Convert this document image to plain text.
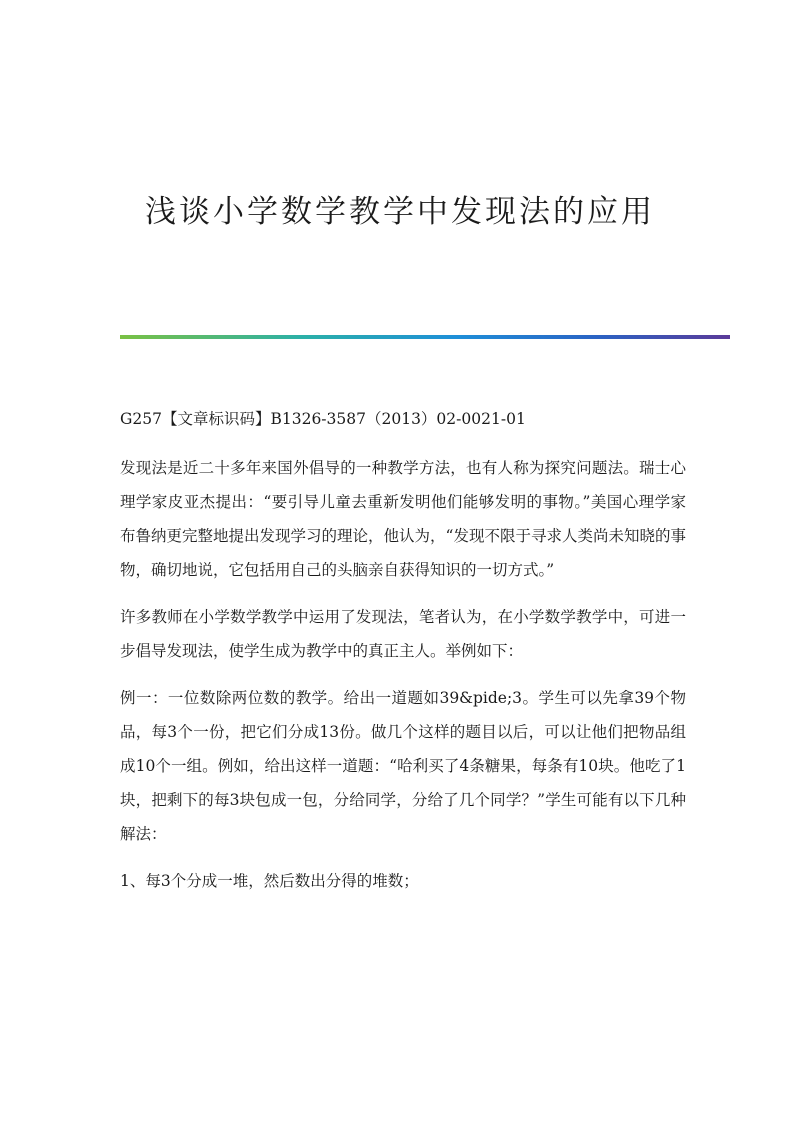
浅谈小学数学教学中发现法的应用

G257【文章标识码】B1326-3587（2013）02-0021-01

发现法是近二十多年来国外倡导的一种教学方法，也有人称为探究问题法。瑞士心理学家皮亚杰提出：“要引导儿童去重新发明他们能够发明的事物。”美国心理学家布鲁纳更完整地提出发现学习的理论，他认为，“发现不限于寻求人类尚未知晓的事物，确切地说，它包括用自己的头脑亲自获得知识的一切方式。”

许多教师在小学数学教学中运用了发现法，笔者认为，在小学数学教学中，可进一步倡导发现法，使学生成为教学中的真正主人。举例如下：

例一：一位数除两位数的教学。给出一道题如39&pide;3。学生可以先拿39个物品，每3个一份，把它们分成13份。做几个这样的题目以后，可以让他们把物品组成10个一组。例如，给出这样一道题：“哈利买了4条糖果，每条有10块。他吃了1块，把剩下的每3块包成一包，分给同学，分给了几个同学？”学生可能有以下几种解法：

1、每3个分成一堆，然后数出分得的堆数；
